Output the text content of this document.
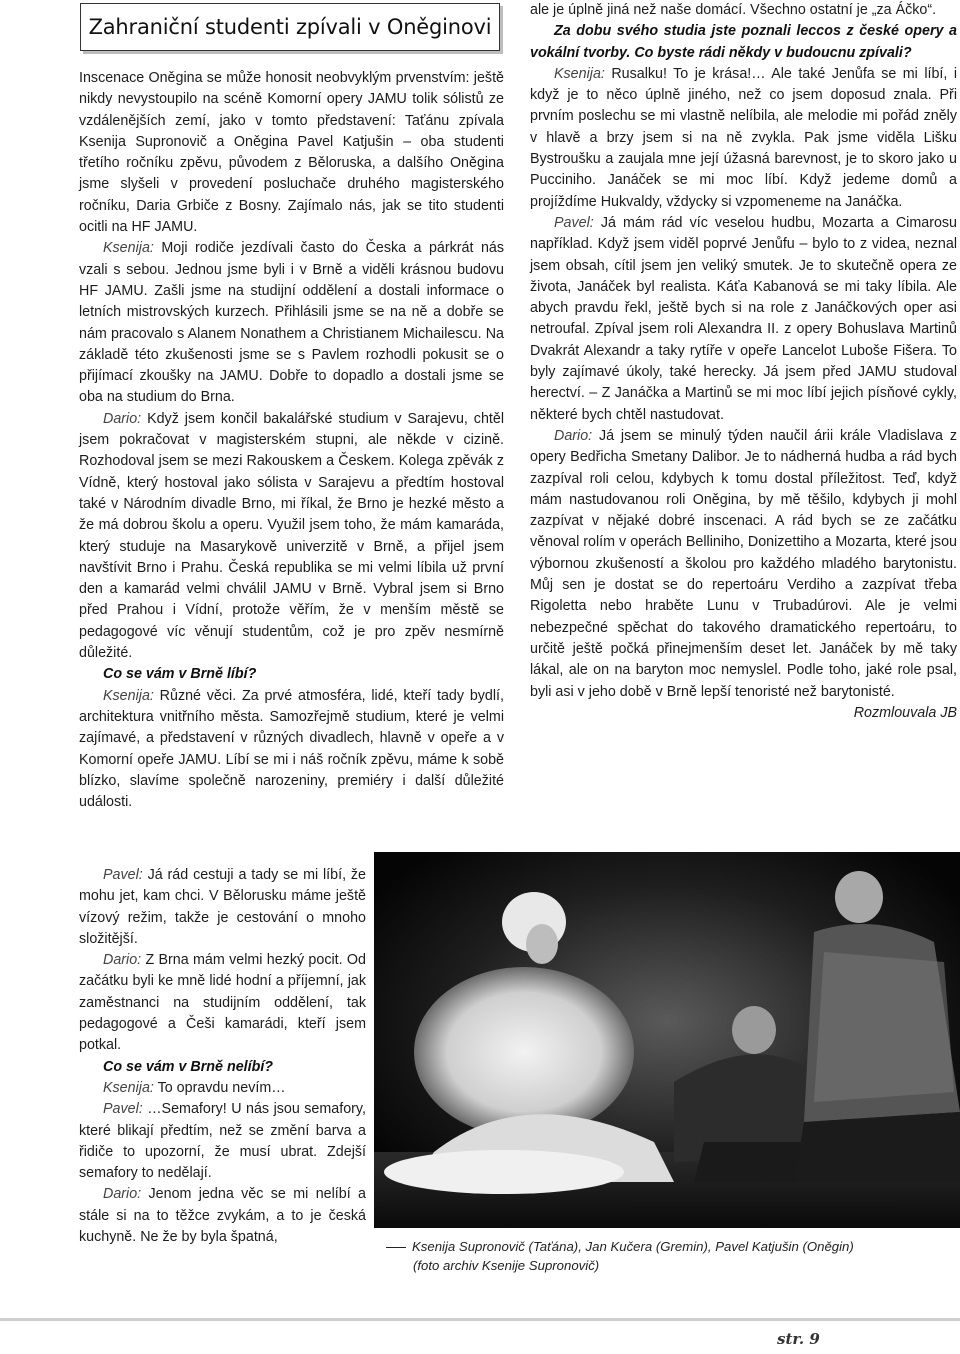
Zahraniční studenti zpívali v Oněginovi

Inscenace Oněgina se může honosit neobvyklým prvenstvím: ještě nikdy nevystoupilo na scéně Komorní opery JAMU tolik sólistů ze vzdálenějších zemí, jako v tomto představení: Taťánu zpívala Ksenija Supronovič a Oněgina Pavel Katjušin – oba studenti třetího ročníku zpěvu, původem z Běloruska, a dalšího Oněgina jsme slyšeli v provedení posluchače druhého magisterského ročníku, Daria Grbiče z Bosny. Zajímalo nás, jak se tito studenti ocitli na HF JAMU.

Ksenija: Moji rodiče jezdívali často do Česka a párkrát nás vzali s sebou. Jednou jsme byli i v Brně a viděli krásnou budovu HF JAMU. Zašli jsme na studijní oddělení a dostali informace o letních mistrovských kurzech. Přihlásili jsme se na ně a dobře se nám pracovalo s Alanem Nonathem a Christianem Michailescu. Na základě této zkušenosti jsme se s Pavlem rozhodli pokusit se o přijímací zkoušky na JAMU. Dobře to dopadlo a dostali jsme se oba na studium do Brna.

Dario: Když jsem končil bakalářské studium v Sarajevu, chtěl jsem pokračovat v magisterském stupni, ale někde v cizině. Rozhodoval jsem se mezi Rakouskem a Českem. Kolega zpěvák z Vídně, který hostoval jako sólista v Sarajevu a předtím hostoval také v Národním divadle Brno, mi říkal, že Brno je hezké město a že má dobrou školu a operu. Využil jsem toho, že mám kamaráda, který studuje na Masarykově univerzitě v Brně, a přijel jsem navštívit Brno i Prahu. Česká republika se mi velmi líbila už první den a kamarád velmi chválil JAMU v Brně. Vybral jsem si Brno před Prahou i Vídní, protože věřím, že v menším městě se pedagogové víc věnují studentům, což je pro zpěv nesmírně důležité.

Co se vám v Brně líbí?

Ksenija: Různé věci. Za prvé atmosféra, lidé, kteří tady bydlí, architektura vnitřního města. Samozřejmě studium, které je velmi zajímavé, a představení v různých divadlech, hlavně v opeře a v Komorní opeře JAMU. Líbí se mi i náš ročník zpěvu, máme k sobě blízko, slavíme společně narozeniny, premiéry i další důležité události.

Pavel: Já rád cestuji a tady se mi líbí, že mohu jet, kam chci. V Bělorusku máme ještě vízový režim, takže je cestování o mnoho složitější.

Dario: Z Brna mám velmi hezký pocit. Od začátku byli ke mně lidé hodní a příjemní, jak zaměstnanci na studijním oddělení, tak pedagogové a Češi kamarádi, kteří jsem potkal.

Co se vám v Brně nelíbí?

Ksenija: To opravdu nevím…

Pavel: …Semafory! U nás jsou semafory, které blikají předtím, než se změní barva a řidiče to upozorní, že musí ubrat. Zdejší semafory to nedělají.

Dario: Jenom jedna věc se mi nelíbí a stále si na to těžce zvykám, a to je česká kuchyně. Ne že by byla špatná,

ale je úplně jiná než naše domácí. Všechno ostatní je „za Áčko“.

Za dobu svého studia jste poznali leccos z české opery a vokální tvorby. Co byste rádi někdy v budoucnu zpívali?

Ksenija: Rusalku! To je krása!… Ale také Jenůfa se mi líbí, i když je to něco úplně jiného, než co jsem doposud znala. Při prvním poslechu se mi vlastně nelíbila, ale melodie mi pořád zněly v hlavě a brzy jsem si na ně zvykla. Pak jsme viděla Lišku Bystroušku a zaujala mne její úžasná barevnost, je to skoro jako u Pucciniho. Janáček se mi moc líbí. Když jedeme domů a projíždíme Hukvaldy, vždycky si vzpomeneme na Janáčka.

Pavel: Já mám rád víc veselou hudbu, Mozarta a Cimarosu například. Když jsem viděl poprvé Jenůfu – bylo to z videa, neznal jsem obsah, cítil jsem jen veliký smutek. Je to skutečně opera ze života, Janáček byl realista. Káťa Kabanová se mi taky líbila. Ale abych pravdu řekl, ještě bych si na role z Janáčkových oper asi netroufal. Zpíval jsem roli Alexandra II. z opery Bohuslava Martinů Dvakrát Alexandr a taky rytíře v opeře Lancelot Luboše Fišera. To byly zajímavé úkoly, také herecky. Já jsem před JAMU studoval herectví. – Z Janáčka a Martinů se mi moc líbí jejich písňové cykly, některé bych chtěl nastudovat.

Dario: Já jsem se minulý týden naučil árii krále Vladislava z opery Bedřicha Smetany Dalibor. Je to nádherná hudba a rád bych zazpíval roli celou, kdybych k tomu dostal příležitost. Teď, když mám nastudovanou roli Oněgina, by mě těšilo, kdybych ji mohl zazpívat v nějaké dobré inscenaci. A rád bych se ze začátku věnoval rolím v operách Belliniho, Donizettiho a Mozarta, které jsou výbornou zkušeností a školou pro každého mladého barytonistu. Můj sen je dostat se do repertoáru Verdiho a zazpívat třeba Rigoletta nebo hraběte Lunu v Trubadúrovi. Ale je velmi nebezpečné spěchat do takového dramatického repertoáru, to určitě ještě počká přinejmenším deset let. Janáček by mě taky lákal, ale on na baryton moc nemyslel. Podle toho, jaké role psal, byli asi v jeho době v Brně lepší tenoristé než barytonisté.

Rozmlouvala JB

Ksenija Supronovič (Taťána), Jan Kučera (Gremin), Pavel Katjušin (Oněgin)

(foto archiv Ksenije Supronovič)

str. 9
